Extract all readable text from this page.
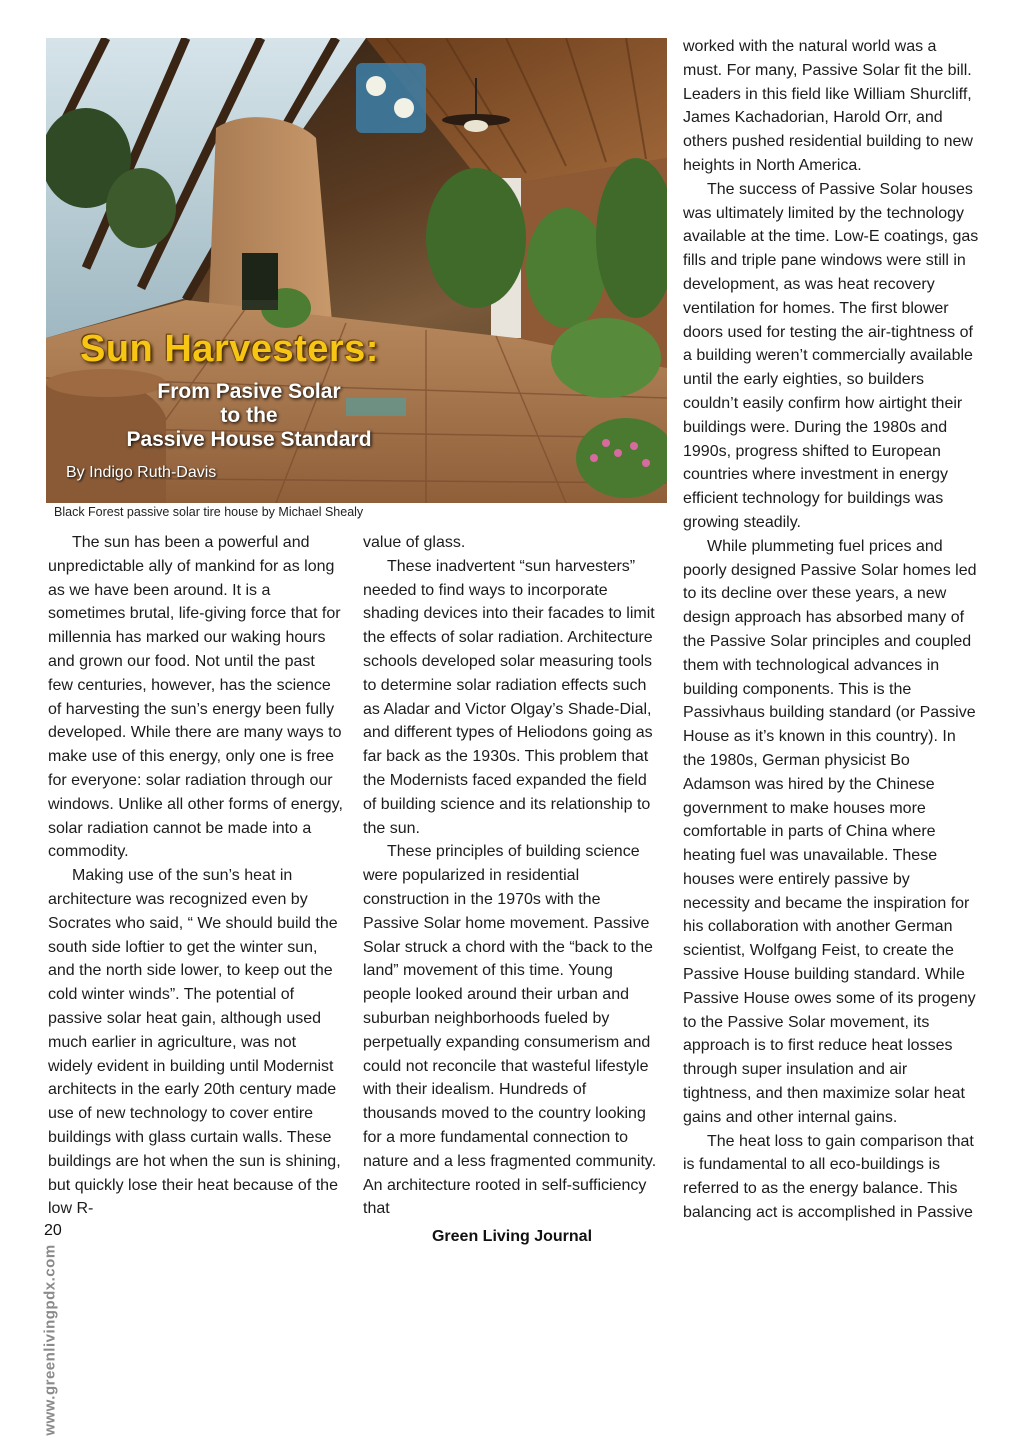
Sun Harvesters:
From Pasive Solar
to the
Passive House Standard
By Indigo Ruth-Davis
Black Forest passive solar tire house by Michael Shealy
www.greenlivingpdx.com

The sun has been a powerful and unpredictable ally of mankind for as long as we have been around. It is a sometimes brutal, life-giving force that for millennia has marked our waking hours and grown our food. Not until the past few centuries, however, has the science of harvesting the sun’s energy been fully developed. While there are many ways to make use of this energy, only one is free for everyone: solar radiation through our windows. Unlike all other forms of energy, solar radiation cannot be made into a commodity.

Making use of the sun’s heat in architecture was recognized even by Socrates who said, “ We should build the south side loftier to get the winter sun, and the north side lower, to keep out the cold winter winds”. The potential of passive solar heat gain, although used much earlier in agriculture, was not widely evident in building until Modernist architects in the early 20th century made use of new technology to cover entire buildings with glass curtain walls. These buildings are hot when the sun is shining, but quickly lose their heat because of the low R-

value of glass.

These inadvertent “sun harvesters” needed to find ways to incorporate shading devices into their facades to limit the effects of solar radiation. Architecture schools developed solar measuring tools to determine solar radiation effects such as Aladar and Victor Olgay’s Shade-Dial, and different types of Heliodons going as far back as the 1930s. This problem that the Modernists faced expanded the field of building science and its relationship to the sun.

These principles of building science were popularized in residential construction in the 1970s with the Passive Solar home movement. Passive Solar struck a chord with the “back to the land” movement of this time. Young people looked around their urban and suburban neighborhoods fueled by perpetually expanding consumerism and could not reconcile that wasteful lifestyle with their idealism. Hundreds of thousands moved to the country looking for a more fundamental connection to nature and a less fragmented community. An architecture rooted in self-sufficiency that

worked with the natural world was a must. For many, Passive Solar fit the bill. Leaders in this field like William Shurcliff, James Kachadorian, Harold Orr, and others pushed residential building to new heights in North America.

The success of Passive Solar houses was ultimately limited by the technology available at the time. Low-E coatings, gas fills and triple pane windows were still in development, as was heat recovery ventilation for homes. The first blower doors used for testing the air-tightness of a building weren’t commercially available until the early eighties, so builders couldn’t easily confirm how airtight their buildings were. During the 1980s and 1990s, progress shifted to European countries where investment in energy efficient technology for buildings was growing steadily.

While plummeting fuel prices and poorly designed Passive Solar homes led to its decline over these years, a new design approach has absorbed many of the Passive Solar principles and coupled them with technological advances in building components. This is the Passivhaus building standard (or Passive House as it’s known in this country). In the 1980s, German physicist Bo Adamson was hired by the Chinese government to make houses more comfortable in parts of China where heating fuel was unavailable. These houses were entirely passive by necessity and became the inspiration for his collaboration with another German scientist, Wolfgang Feist, to create the Passive House building standard. While Passive House owes some of its progeny to the Passive Solar movement, its approach is to first reduce heat losses through super insulation and air tightness, and then maximize solar heat gains and other internal gains.

The heat loss to gain comparison that is fundamental to all eco-buildings is referred to as the energy balance. This balancing act is accomplished in Passive

20	Green Living Journal
